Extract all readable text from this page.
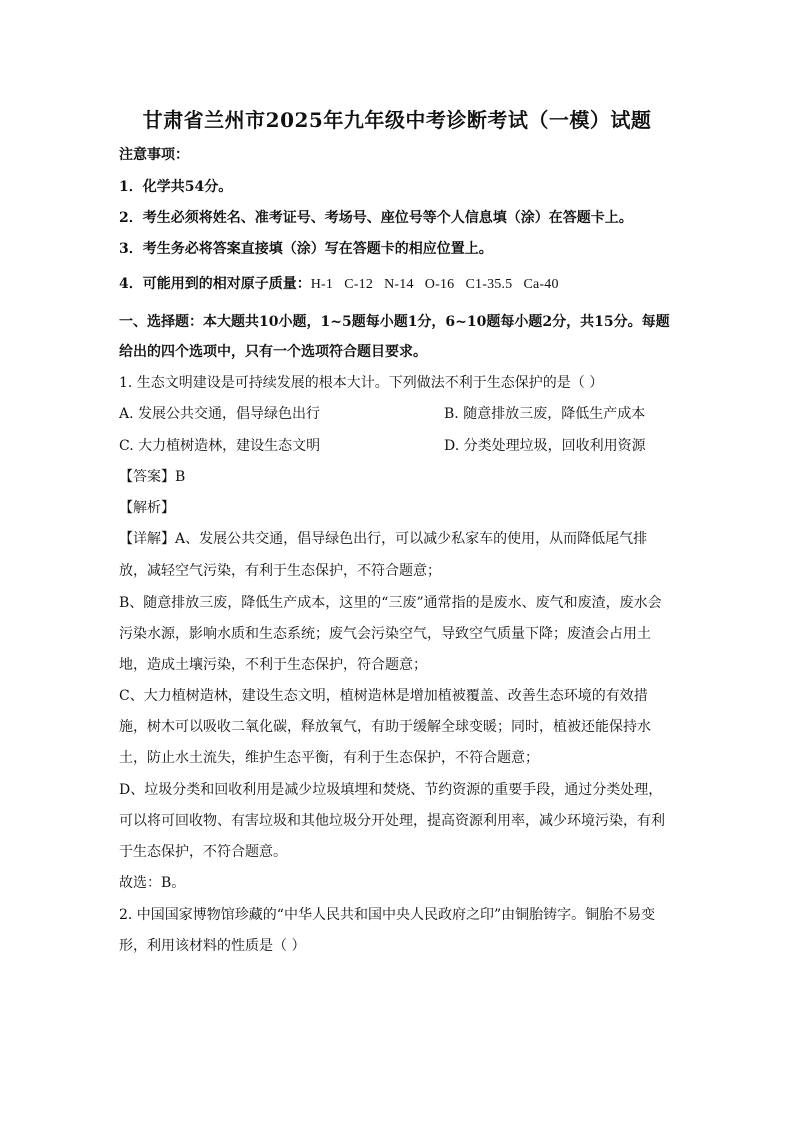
甘肃省兰州市2025年九年级中考诊断考试（一模）试题
注意事项：
1．化学共54分。
2．考生必须将姓名、准考证号、考场号、座位号等个人信息填（涂）在答题卡上。
3．考生务必将答案直接填（涂）写在答题卡的相应位置上。
4．可能用到的相对原子质量：H-1   C-12   N-14   O-16   C1-35.5   Ca-40
一、选择题：本大题共10小题，1~5题每小题1分，6~10题每小题2分，共15分。每题
给出的四个选项中，只有一个选项符合题目要求。
1. 生态文明建设是可持续发展的根本大计。下列做法不利于生态保护的是（ ）
A. 发展公共交通，倡导绿色出行	B. 随意排放三废，降低生产成本
C. 大力植树造林，建设生态文明	D. 分类处理垃圾，回收利用资源
【答案】B
【解析】
【详解】A、发展公共交通，倡导绿色出行，可以减少私家车的使用，从而降低尾气排
放，减轻空气污染，有利于生态保护，不符合题意；
B、随意排放三废，降低生产成本，这里的“三废”通常指的是废水、废气和废渣，废水会
污染水源，影响水质和生态系统；废气会污染空气，导致空气质量下降；废渣会占用土
地，造成土壤污染，不利于生态保护，符合题意；
C、大力植树造林，建设生态文明，植树造林是增加植被覆盖、改善生态环境的有效措
施，树木可以吸收二氧化碳，释放氧气，有助于缓解全球变暖；同时，植被还能保持水
土，防止水土流失，维护生态平衡，有利于生态保护，不符合题意；
D、垃圾分类和回收利用是减少垃圾填埋和焚烧、节约资源的重要手段，通过分类处理，
可以将可回收物、有害垃圾和其他垃圾分开处理，提高资源利用率，减少环境污染，有利
于生态保护，不符合题意。
故选：B。
2. 中国国家博物馆珍藏的“中华人民共和国中央人民政府之印”由铜胎铸字。铜胎不易变
形，利用该材料的性质是（ ）
